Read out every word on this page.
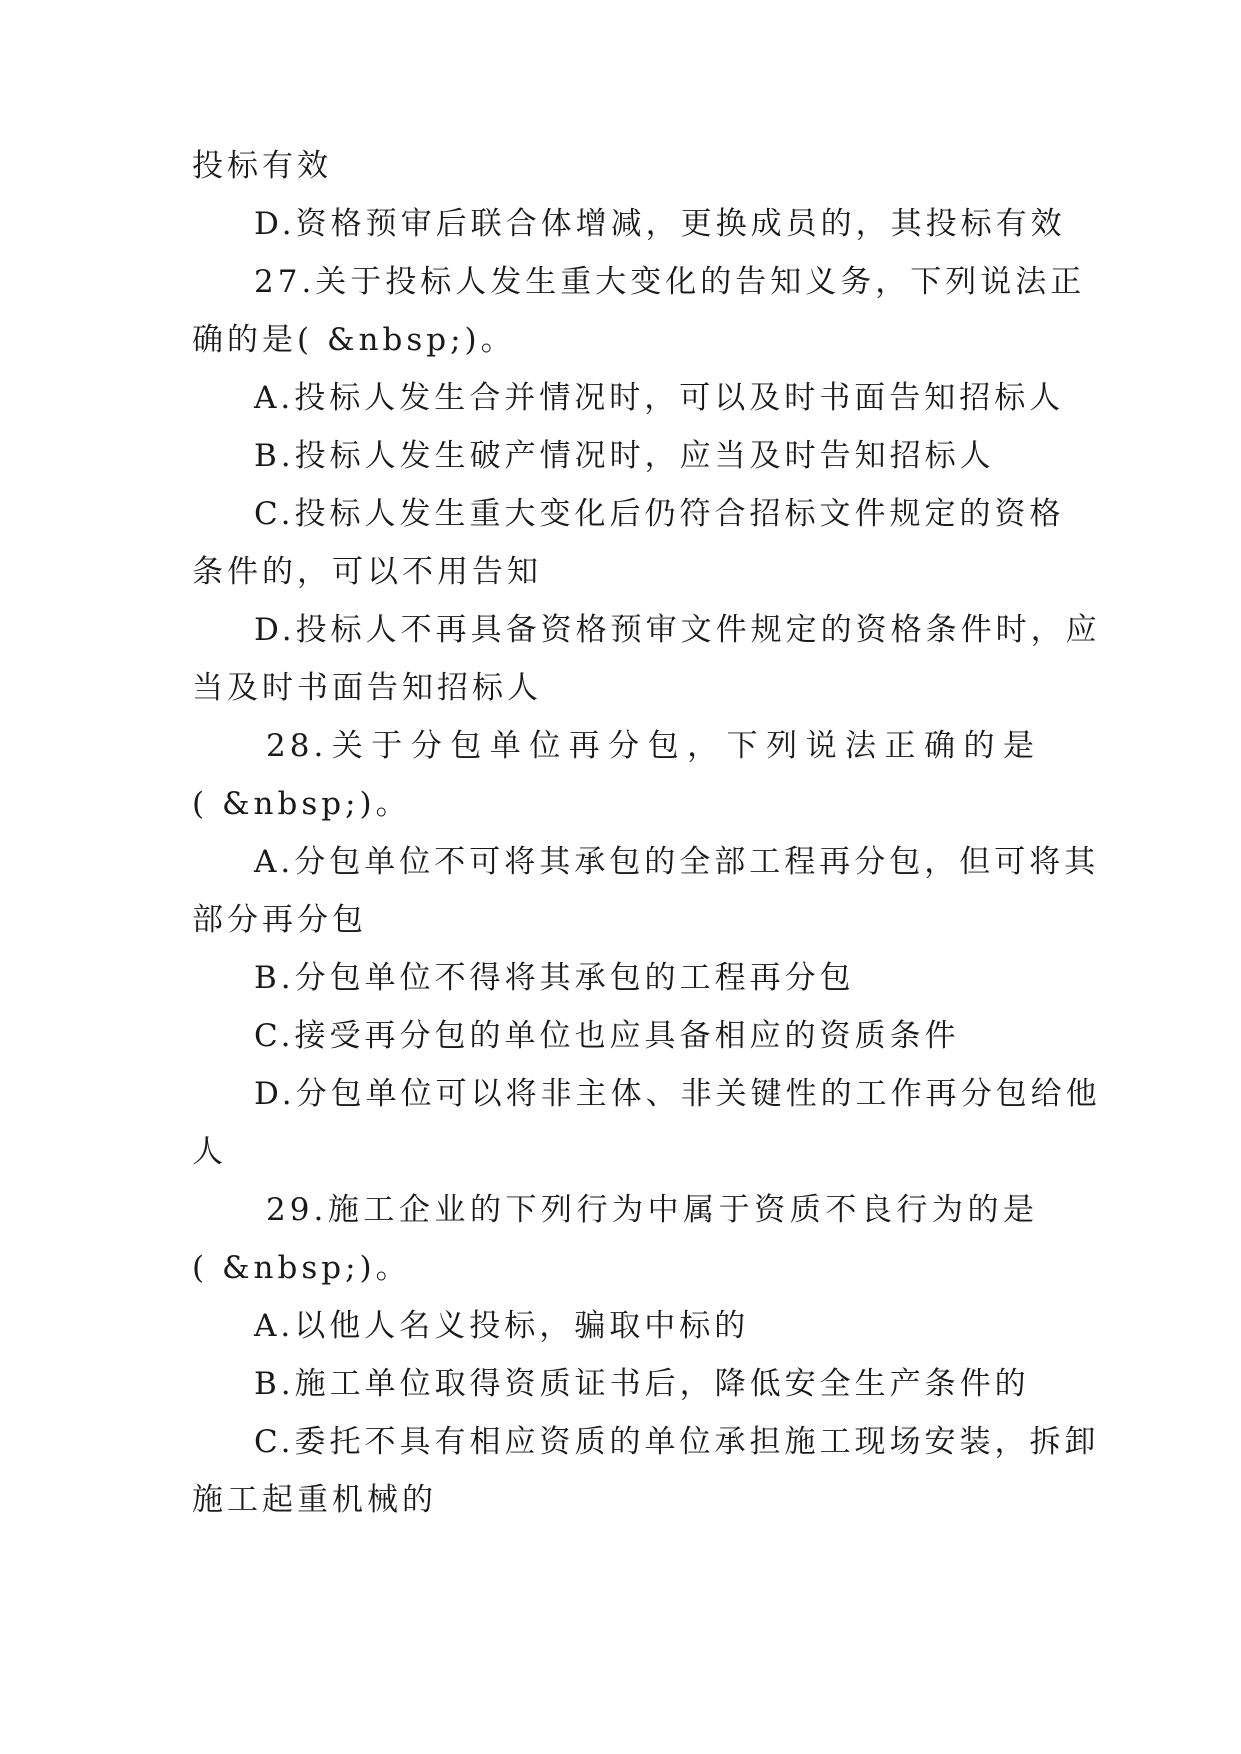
投标有效
D.资格预审后联合体增减，更换成员的，其投标有效
27.关于投标人发生重大变化的告知义务，下列说法正
确的是( &nbsp;)。
A.投标人发生合并情况时，可以及时书面告知招标人
B.投标人发生破产情况时，应当及时告知招标人
C.投标人发生重大变化后仍符合招标文件规定的资格
条件的，可以不用告知
D.投标人不再具备资格预审文件规定的资格条件时，应
当及时书面告知招标人
28.关于分包单位再分包，下列说法正确的是
( &nbsp;)。
A.分包单位不可将其承包的全部工程再分包，但可将其
部分再分包
B.分包单位不得将其承包的工程再分包
C.接受再分包的单位也应具备相应的资质条件
D.分包单位可以将非主体、非关键性的工作再分包给他
人
29.施工企业的下列行为中属于资质不良行为的是
( &nbsp;)。
A.以他人名义投标，骗取中标的
B.施工单位取得资质证书后，降低安全生产条件的
C.委托不具有相应资质的单位承担施工现场安装，拆卸
施工起重机械的
